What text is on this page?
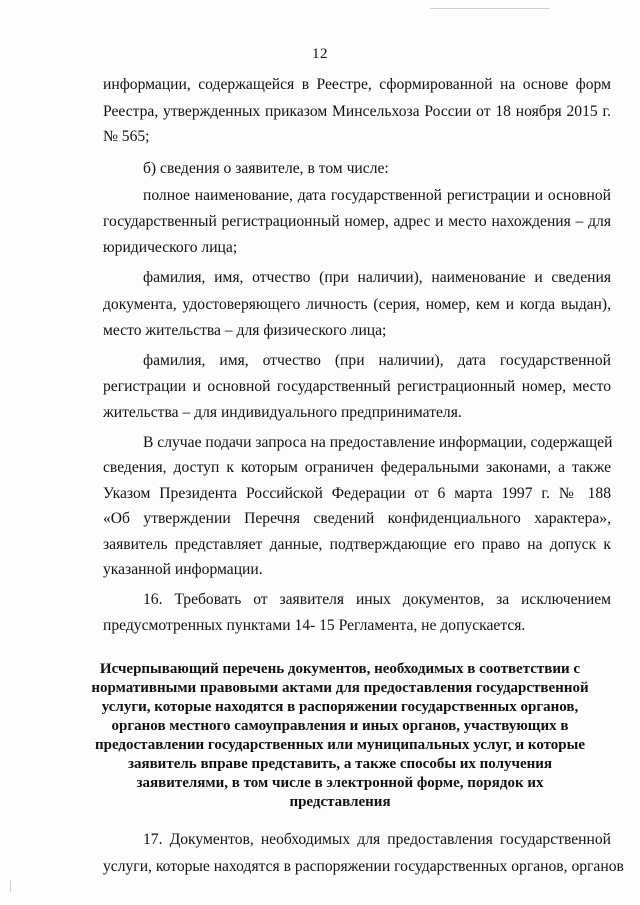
12
информации, содержащейся в Реестре, сформированной на основе форм
Реестра, утвержденных приказом Минсельхоза России от 18 ноября 2015 г.
№ 565;
б) сведения о заявителе, в том числе:
полное наименование, дата государственной регистрации и основной
государственный регистрационный номер, адрес и место нахождения – для
юридического лица;
фамилия, имя, отчество (при наличии), наименование и сведения
документа, удостоверяющего личность (серия, номер, кем и когда выдан),
место жительства – для физического лица;
фамилия, имя, отчество (при наличии), дата государственной
регистрации и основной государственный регистрационный номер, место
жительства – для индивидуального предпринимателя.
В случае подачи запроса на предоставление информации, содержащей
сведения, доступ к которым ограничен федеральными законами, а также
Указом Президента Российской Федерации от 6 марта 1997 г. № 188
«Об утверждении Перечня сведений конфиденциального характера»,
заявитель представляет данные, подтверждающие его право на допуск к
указанной информации.
16. Требовать от заявителя иных документов, за исключением
предусмотренных пунктами 14- 15 Регламента, не допускается.
Исчерпывающий перечень документов, необходимых в соответствии с
нормативными правовыми актами для предоставления государственной
услуги, которые находятся в распоряжении государственных органов,
органов местного самоуправления и иных органов, участвующих в
предоставлении государственных или муниципальных услуг, и которые
заявитель вправе представить, а также способы их получения
заявителями, в том числе в электронной форме, порядок их
представления
17. Документов, необходимых для предоставления государственной
услуги, которые находятся в распоряжении государственных органов, органов
